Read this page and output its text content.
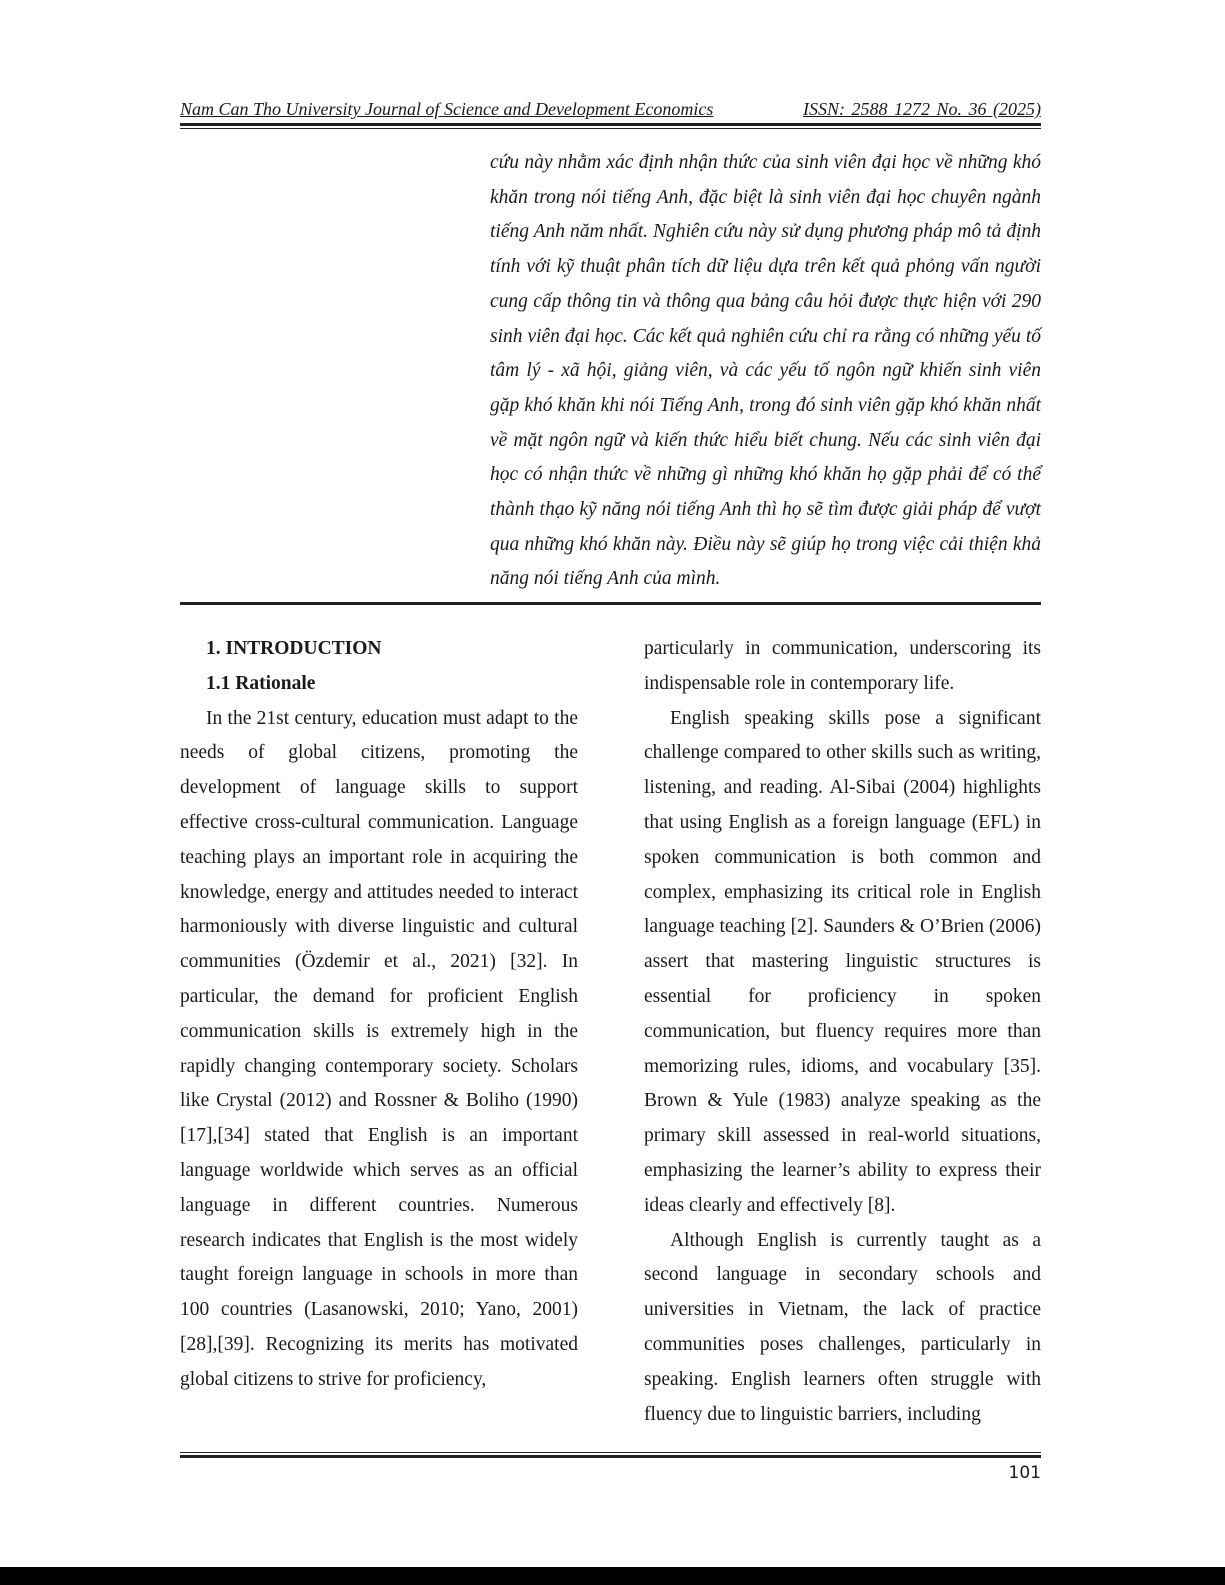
Nam Can Tho University Journal of Science and Development Economics	ISSN: 2588 1272 No. 36 (2025)

cứu này nhằm xác định nhận thức của sinh viên đại học về những khó khăn trong nói tiếng Anh, đặc biệt là sinh viên đại học chuyên ngành tiếng Anh năm nhất. Nghiên cứu này sử dụng phương pháp mô tả định tính với kỹ thuật phân tích dữ liệu dựa trên kết quả phỏng vấn người cung cấp thông tin và thông qua bảng câu hỏi được thực hiện với 290 sinh viên đại học. Các kết quả nghiên cứu chỉ ra rằng có những yếu tố tâm lý - xã hội, giảng viên, và các yếu tố ngôn ngữ khiến sinh viên gặp khó khăn khi nói Tiếng Anh, trong đó sinh viên gặp khó khăn nhất về mặt ngôn ngữ và kiến thức hiểu biết chung. Nếu các sinh viên đại học có nhận thức về những gì những khó khăn họ gặp phải để có thể thành thạo kỹ năng nói tiếng Anh thì họ sẽ tìm được giải pháp để vượt qua những khó khăn này. Điều này sẽ giúp họ trong việc cải thiện khả năng nói tiếng Anh của mình.

1. INTRODUCTION

1.1 Rationale

In the 21st century, education must adapt to the needs of global citizens, promoting the development of language skills to support effective cross-cultural communication. Language teaching plays an important role in acquiring the knowledge, energy and attitudes needed to interact harmoniously with diverse linguistic and cultural communities (Özdemir et al., 2021) [32]. In particular, the demand for proficient English communication skills is extremely high in the rapidly changing contemporary society. Scholars like Crystal (2012) and Rossner & Boliho (1990) [17],[34] stated that English is an important language worldwide which serves as an official language in different countries. Numerous research indicates that English is the most widely taught foreign language in schools in more than 100 countries (Lasanowski, 2010; Yano, 2001) [28],[39]. Recognizing its merits has motivated global citizens to strive for proficiency,

particularly in communication, underscoring its indispensable role in contemporary life.

English speaking skills pose a significant challenge compared to other skills such as writing, listening, and reading. Al-Sibai (2004) highlights that using English as a foreign language (EFL) in spoken communication is both common and complex, emphasizing its critical role in English language teaching [2]. Saunders & O’Brien (2006) assert that mastering linguistic structures is essential for proficiency in spoken communication, but fluency requires more than memorizing rules, idioms, and vocabulary [35]. Brown & Yule (1983) analyze speaking as the primary skill assessed in real-world situations, emphasizing the learner’s ability to express their ideas clearly and effectively [8].

Although English is currently taught as a second language in secondary schools and universities in Vietnam, the lack of practice communities poses challenges, particularly in speaking. English learners often struggle with fluency due to linguistic barriers, including

101
